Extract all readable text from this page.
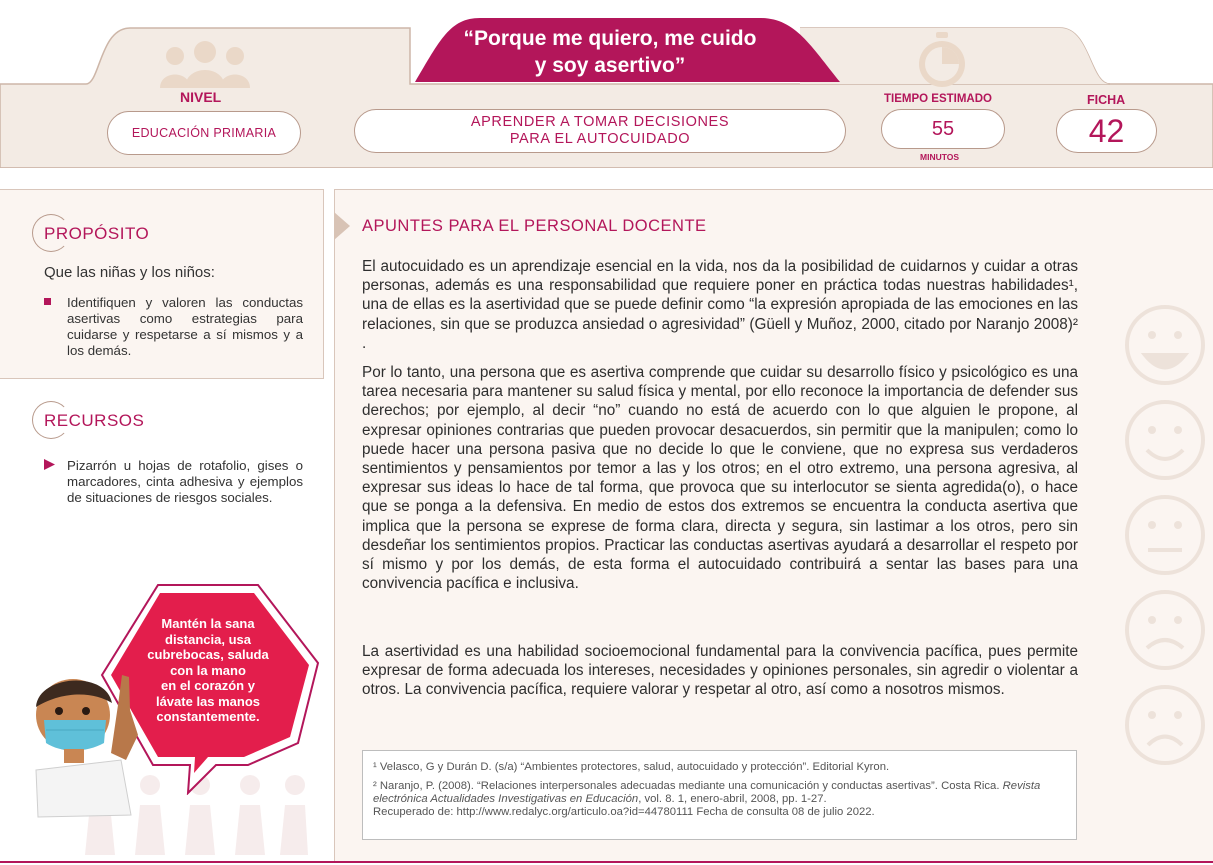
NIVEL
EDUCACIÓN PRIMARIA
“Porque me quiero, me cuido
y soy asertivo”
APRENDER A TOMAR DECISIONES
PARA EL AUTOCUIDADO
TIEMPO ESTIMADO
55
MINUTOS
FICHA
42
PROPÓSITO
Que las niñas y los niños:
Identifiquen y valoren las conductas asertivas como estrategias para cuidarse y respetarse a sí mismos y a los demás.
RECURSOS
Pizarrón u hojas de rotafolio, gises o marcadores, cinta adhesiva y ejemplos de situaciones de riesgos sociales.
Mantén la sana
distancia, usa
cubrebocas, saluda
con la mano
en el corazón y
lávate las manos
constantemente.
APUNTES PARA EL PERSONAL DOCENTE

El autocuidado es un aprendizaje esencial en la vida, nos da la posibilidad de cuidarnos y cuidar a otras personas, además es una responsabilidad que requiere poner en práctica todas nuestras habilidades¹, una de ellas es la asertividad que se puede definir como “la expresión apropiada de las emociones en las relaciones, sin que se produzca ansiedad o agresividad” (Güell y Muñoz, 2000, citado por Naranjo 2008)² .

Por lo tanto, una persona que es asertiva comprende que cuidar su desarrollo físico y psicológico es una tarea necesaria para mantener su salud física y mental, por ello reconoce la importancia de defender sus derechos; por ejemplo, al decir “no” cuando no está de acuerdo con lo que alguien le propone, al expresar opiniones contrarias que pueden provocar desacuerdos, sin permitir que la manipulen; como lo puede hacer una persona pasiva que no decide lo que le conviene, que no expresa sus verdaderos sentimientos y pensamientos por temor a las y los otros; en el otro extremo, una persona agresiva, al expresar sus ideas lo hace de tal forma, que provoca que su interlocutor se sienta agredida(o), o hace que se ponga a la defensiva. En medio de estos dos extremos se encuentra la conducta asertiva que implica que la persona se exprese de forma clara, directa y segura, sin lastimar a los otros, pero sin desdeñar los sentimientos propios. Practicar las conductas asertivas ayudará a desarrollar el respeto por sí mismo y por los demás, de esta forma el autocuidado contribuirá a sentar las bases para una convivencia pacífica e inclusiva.

La asertividad es una habilidad socioemocional fundamental para la convivencia pacífica, pues permite expresar de forma adecuada los intereses, necesidades y opiniones personales, sin agredir o violentar a otros. La convivencia pacífica, requiere valorar y respetar al otro, así como a nosotros mismos.

¹ Velasco, G y Durán D. (s/a) “Ambientes protectores, salud, autocuidado y protección”. Editorial Kyron.

² Naranjo, P. (2008). “Relaciones interpersonales adecuadas mediante una comunicación y conductas asertivas”. Costa Rica. Revista electrónica Actualidades Investigativas en Educación, vol. 8. 1, enero-abril, 2008, pp. 1-27.
Recuperado de: http://www.redalyc.org/articulo.oa?id=44780111 Fecha de consulta 08 de julio 2022.
